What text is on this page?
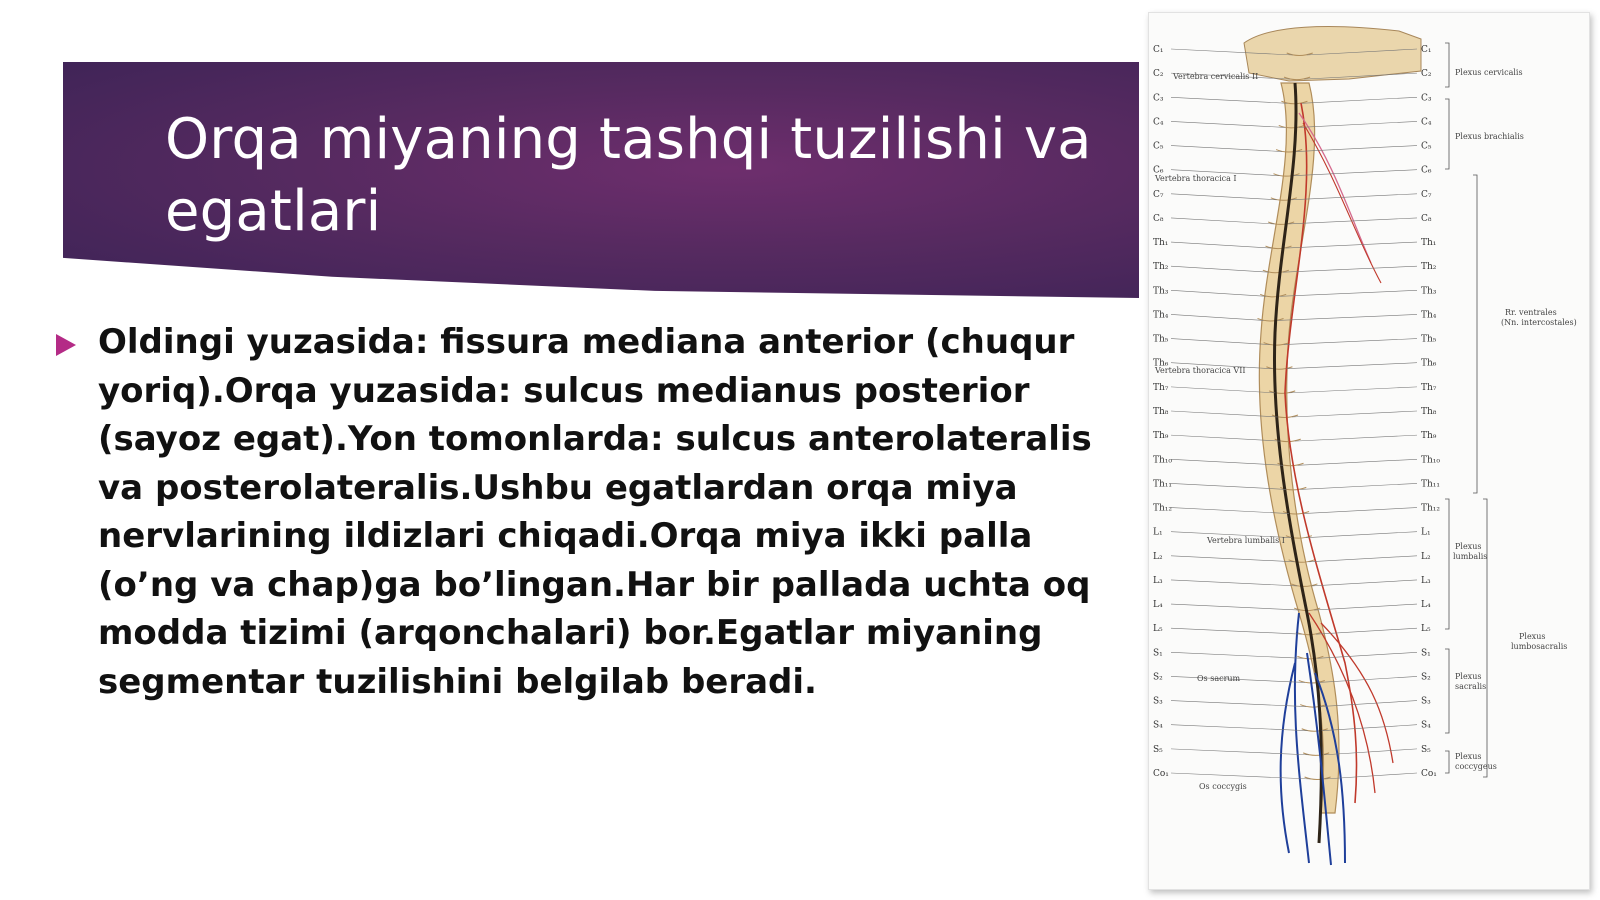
Orqa miyaning tashqi tuzilishi va egatlari

Oldingi yuzasida: fissura mediana anterior (chuqur yoriq).Orqa yuzasida: sulcus medianus posterior (sayoz egat).Yon tomonlarda: sulcus anterolateralis va posterolateralis.Ushbu egatlardan orqa miya nervlarining ildizlari chiqadi.Orqa miya ikki palla (o’ng va chap)ga bo’lingan.Har bir pallada uchta oq modda tizimi (arqonchalari) bor.Egatlar miyaning segmentar tuzilishini belgilab beradi.

C₁
C₂
C₃
C₄
C₅
C₆
C₇
C₈
Th₁
Th₂
Th₃
Th₄
Th₅
Th₆
Th₇
Th₈
Th₉
Th₁₀
Th₁₁
Th₁₂
L₁
L₂
L₃
L₄
L₅
S₁
S₂
S₃
S₄
S₅
Co₁
C₁
C₂
C₃
C₄
C₅
C₆
C₇
C₈
Th₁
Th₂
Th₃
Th₄
Th₅
Th₆
Th₇
Th₈
Th₉
Th₁₀
Th₁₁
Th₁₂
L₁
L₂
L₃
L₄
L₅
S₁
S₂
S₃
S₄
S₅
Co₁
Vertebra cervicalis II
Vertebra thoracica I
Vertebra thoracica VII
Vertebra lumbalis I
Os sacrum
Os coccygis
Plexus cervicalis
Plexus brachialis
Rr. ventrales
(Nn. intercostales)
Plexus
lumbalis
Plexus
sacralis
Plexus
coccygeus
Plexus
lumbosacralis
